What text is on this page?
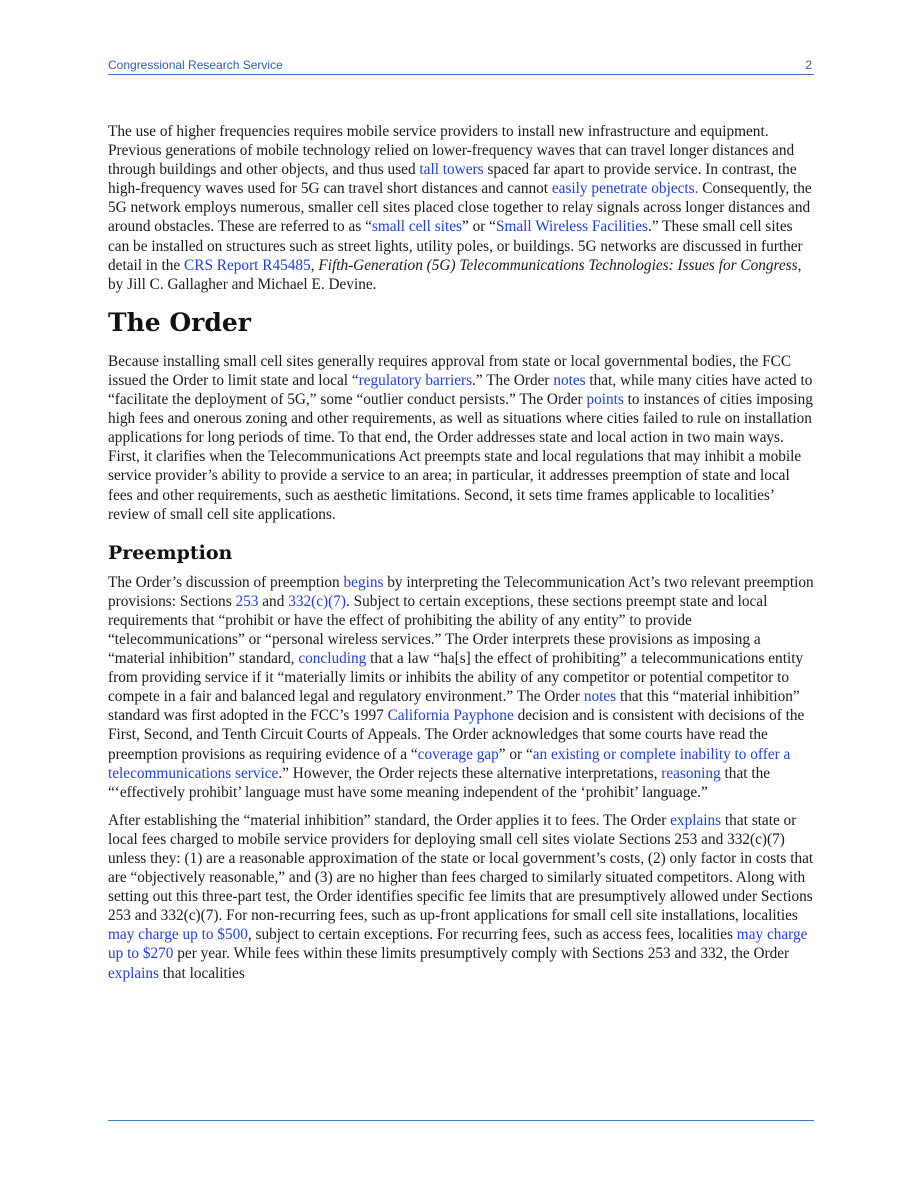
Congressional Research Service	2

The use of higher frequencies requires mobile service providers to install new infrastructure and equipment. Previous generations of mobile technology relied on lower-frequency waves that can travel longer distances and through buildings and other objects, and thus used tall towers spaced far apart to provide service. In contrast, the high-frequency waves used for 5G can travel short distances and cannot easily penetrate objects. Consequently, the 5G network employs numerous, smaller cell sites placed close together to relay signals across longer distances and around obstacles. These are referred to as “small cell sites” or “Small Wireless Facilities.” These small cell sites can be installed on structures such as street lights, utility poles, or buildings. 5G networks are discussed in further detail in the CRS Report R45485, Fifth-Generation (5G) Telecommunications Technologies: Issues for Congress, by Jill C. Gallagher and Michael E. Devine.

The Order

Because installing small cell sites generally requires approval from state or local governmental bodies, the FCC issued the Order to limit state and local “regulatory barriers.” The Order notes that, while many cities have acted to “facilitate the deployment of 5G,” some “outlier conduct persists.” The Order points to instances of cities imposing high fees and onerous zoning and other requirements, as well as situations where cities failed to rule on installation applications for long periods of time. To that end, the Order addresses state and local action in two main ways. First, it clarifies when the Telecommunications Act preempts state and local regulations that may inhibit a mobile service provider’s ability to provide a service to an area; in particular, it addresses preemption of state and local fees and other requirements, such as aesthetic limitations. Second, it sets time frames applicable to localities’ review of small cell site applications.

Preemption

The Order’s discussion of preemption begins by interpreting the Telecommunication Act’s two relevant preemption provisions: Sections 253 and 332(c)(7). Subject to certain exceptions, these sections preempt state and local requirements that “prohibit or have the effect of prohibiting the ability of any entity” to provide “telecommunications” or “personal wireless services.” The Order interprets these provisions as imposing a “material inhibition” standard, concluding that a law “ha[s] the effect of prohibiting” a telecommunications entity from providing service if it “materially limits or inhibits the ability of any competitor or potential competitor to compete in a fair and balanced legal and regulatory environment.” The Order notes that this “material inhibition” standard was first adopted in the FCC’s 1997 California Payphone decision and is consistent with decisions of the First, Second, and Tenth Circuit Courts of Appeals. The Order acknowledges that some courts have read the preemption provisions as requiring evidence of a “coverage gap” or “an existing or complete inability to offer a telecommunications service.” However, the Order rejects these alternative interpretations, reasoning that the “‘effectively prohibit’ language must have some meaning independent of the ‘prohibit’ language.”

After establishing the “material inhibition” standard, the Order applies it to fees. The Order explains that state or local fees charged to mobile service providers for deploying small cell sites violate Sections 253 and 332(c)(7) unless they: (1) are a reasonable approximation of the state or local government’s costs, (2) only factor in costs that are “objectively reasonable,” and (3) are no higher than fees charged to similarly situated competitors. Along with setting out this three-part test, the Order identifies specific fee limits that are presumptively allowed under Sections 253 and 332(c)(7). For non-recurring fees, such as up-front applications for small cell site installations, localities may charge up to $500, subject to certain exceptions. For recurring fees, such as access fees, localities may charge up to $270 per year. While fees within these limits presumptively comply with Sections 253 and 332, the Order explains that localities
